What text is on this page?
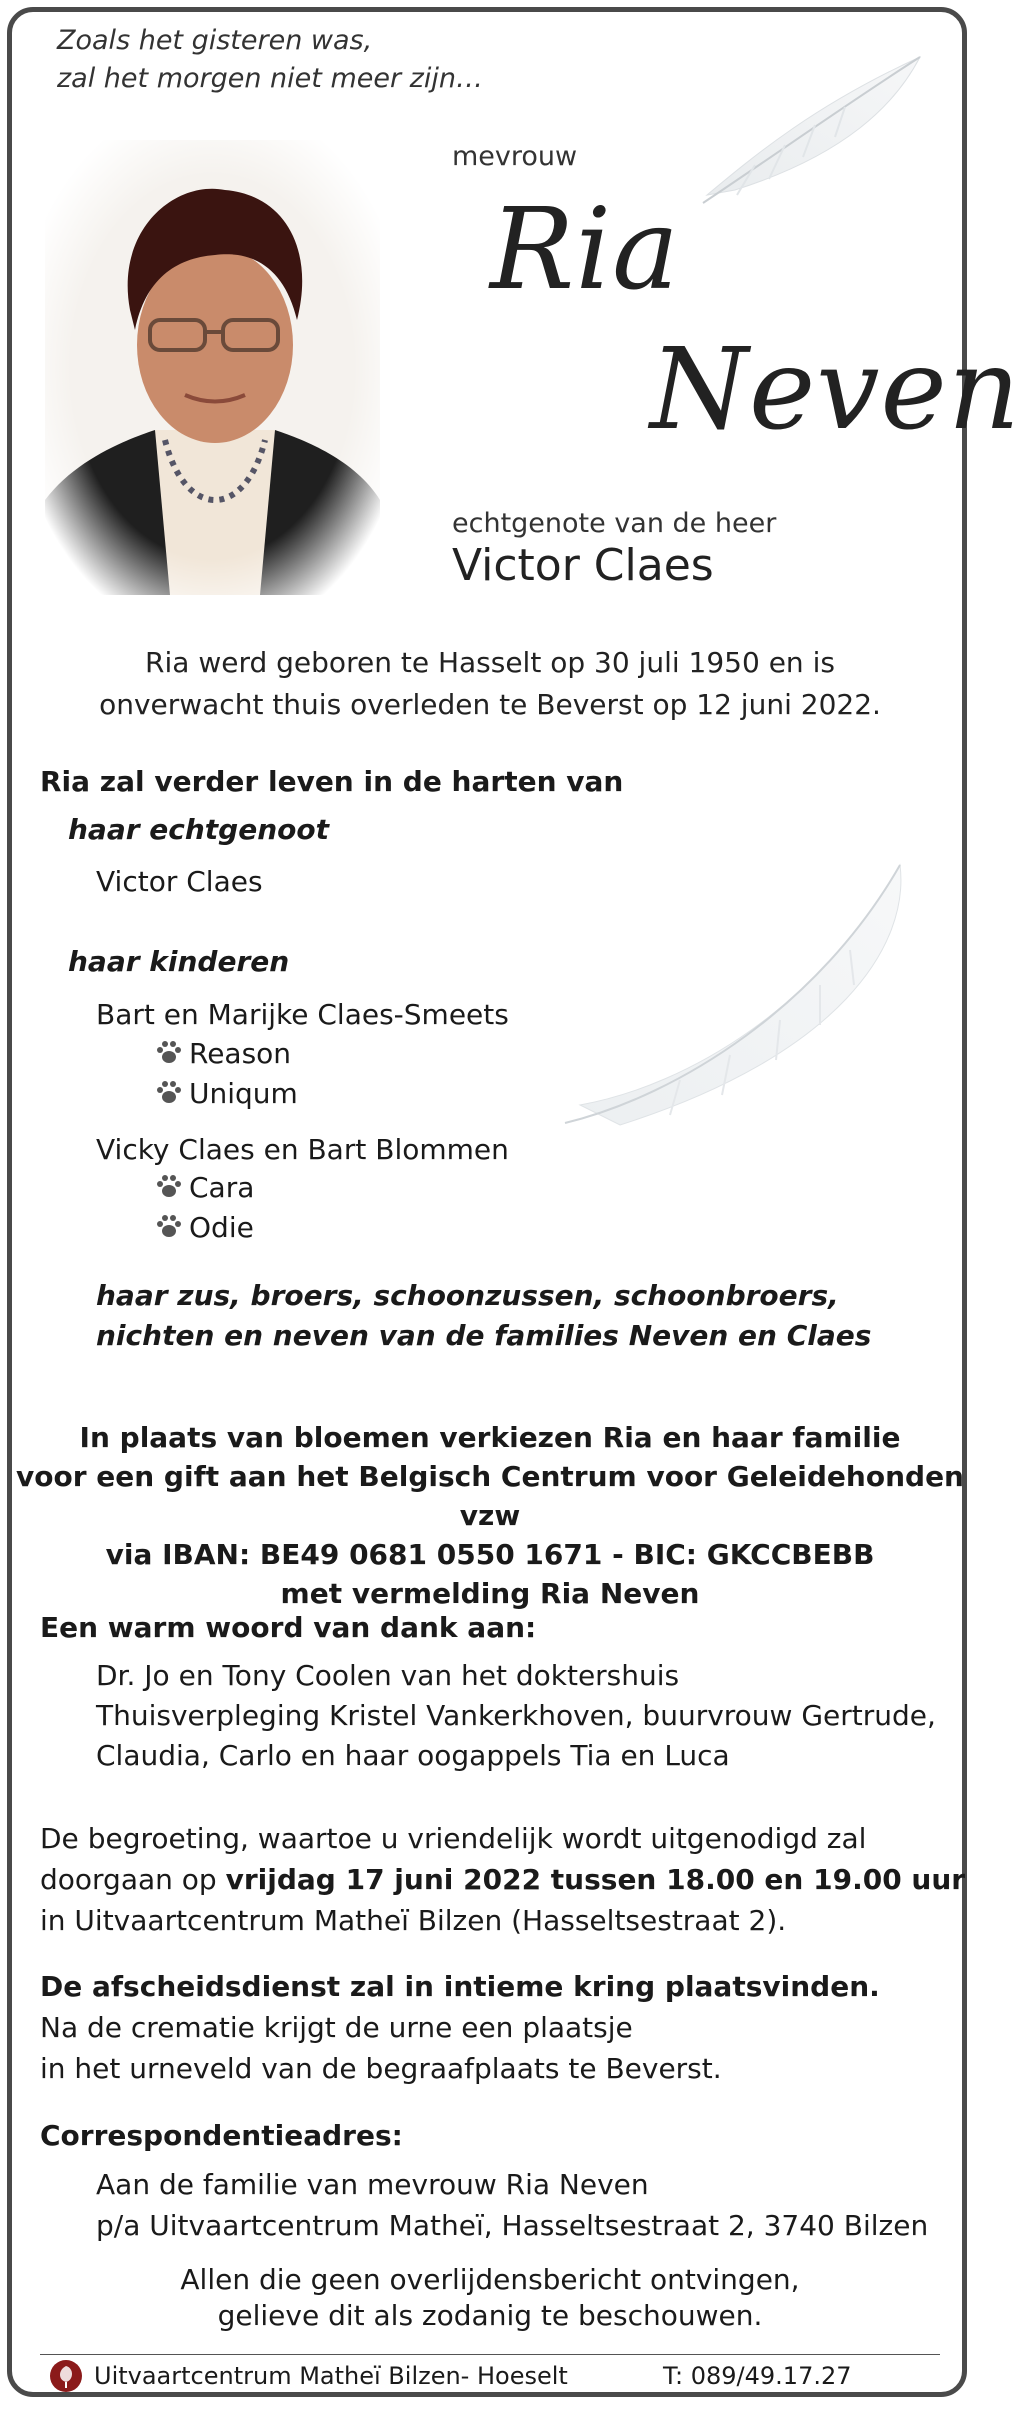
Zoals het gisteren was,
zal het morgen niet meer zijn…
mevrouw
Ria
Neven
echtgenote van de heer
Victor Claes
Ria werd geboren te Hasselt op 30 juli 1950 en is
onverwacht thuis overleden te Beverst op 12 juni 2022.
Ria zal verder leven in de harten van
haar echtgenoot
Victor Claes
haar kinderen
Bart en Marijke Claes-Smeets
Reason
Uniqum
Vicky Claes en Bart Blommen
Cara
Odie
haar zus, broers, schoonzussen, schoonbroers,
nichten en neven van de families Neven en Claes
In plaats van bloemen verkiezen Ria en haar familie
voor een gift aan het Belgisch Centrum voor Geleidehonden vzw
via IBAN: BE49 0681 0550 1671 - BIC: GKCCBEBB
met vermelding Ria Neven
Een warm woord van dank aan:
Dr. Jo en Tony Coolen van het doktershuis
Thuisverpleging Kristel Vankerkhoven, buurvrouw Gertrude,
Claudia, Carlo en haar oogappels Tia en Luca
De begroeting, waartoe u vriendelijk wordt uitgenodigd zal
doorgaan op vrijdag 17 juni 2022 tussen 18.00 en 19.00 uur
in Uitvaartcentrum Matheï Bilzen (Hasseltsestraat 2).
De afscheidsdienst zal in intieme kring plaatsvinden.
Na de crematie krijgt de urne een plaatsje
in het urneveld van de begraafplaats te Beverst.
Correspondentieadres:
Aan de familie van mevrouw Ria Neven
p/a Uitvaartcentrum Matheï, Hasseltsestraat 2, 3740 Bilzen
Allen die geen overlijdensbericht ontvingen,
gelieve dit als zodanig te beschouwen.
Uitvaartcentrum Matheï Bilzen- Hoeselt	T: 089/49.17.27
